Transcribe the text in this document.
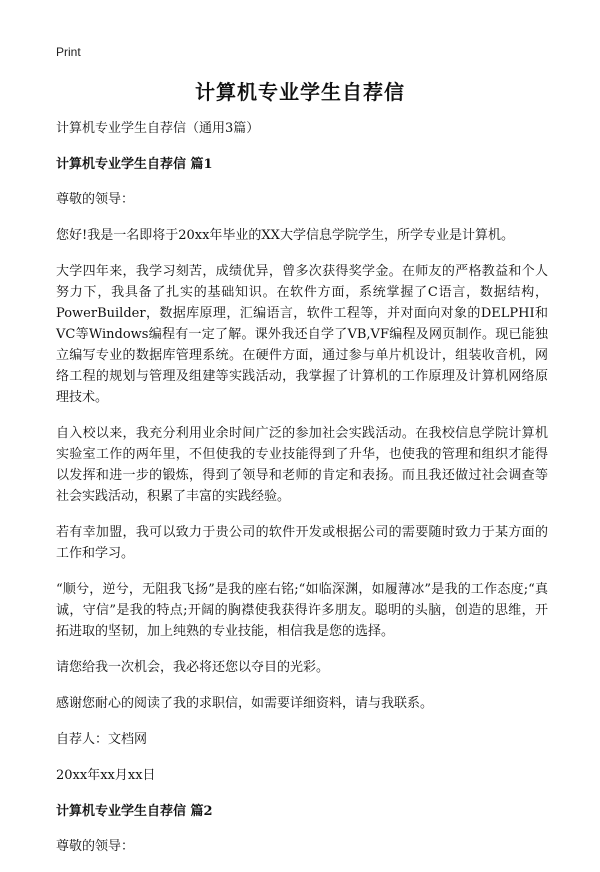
Print
计算机专业学生自荐信

计算机专业学生自荐信（通用3篇）

计算机专业学生自荐信 篇1

尊敬的领导：

您好!我是一名即将于20xx年毕业的XX大学信息学院学生，所学专业是计算机。

大学四年来，我学习刻苦，成绩优异，曾多次获得奖学金。在师友的严格教益和个人努力下，我具备了扎实的基础知识。在软件方面，系统掌握了C语言，数据结构，PowerBuilder，数据库原理，汇编语言，软件工程等，并对面向对象的DELPHI和VC等Windows编程有一定了解。课外我还自学了VB,VF编程及网页制作。现已能独立编写专业的数据库管理系统。在硬件方面，通过参与单片机设计，组装收音机，网络工程的规划与管理及组建等实践活动，我掌握了计算机的工作原理及计算机网络原理技术。

自入校以来，我充分利用业余时间广泛的参加社会实践活动。在我校信息学院计算机实验室工作的两年里，不但使我的专业技能得到了升华，也使我的管理和组织才能得以发挥和进一步的锻炼，得到了领导和老师的肯定和表扬。而且我还做过社会调查等社会实践活动，积累了丰富的实践经验。

若有幸加盟，我可以致力于贵公司的软件开发或根据公司的需要随时致力于某方面的工作和学习。

“顺兮，逆兮，无阻我飞扬”是我的座右铭;“如临深渊，如履薄冰”是我的工作态度;“真诚，守信”是我的特点;开阔的胸襟使我获得许多朋友。聪明的头脑，创造的思维，开拓进取的坚韧，加上纯熟的专业技能，相信我是您的选择。

请您给我一次机会，我必将还您以夺目的光彩。

感谢您耐心的阅读了我的求职信，如需要详细资料，请与我联系。

自荐人：文档网

20xx年xx月xx日

计算机专业学生自荐信 篇2

尊敬的领导：
